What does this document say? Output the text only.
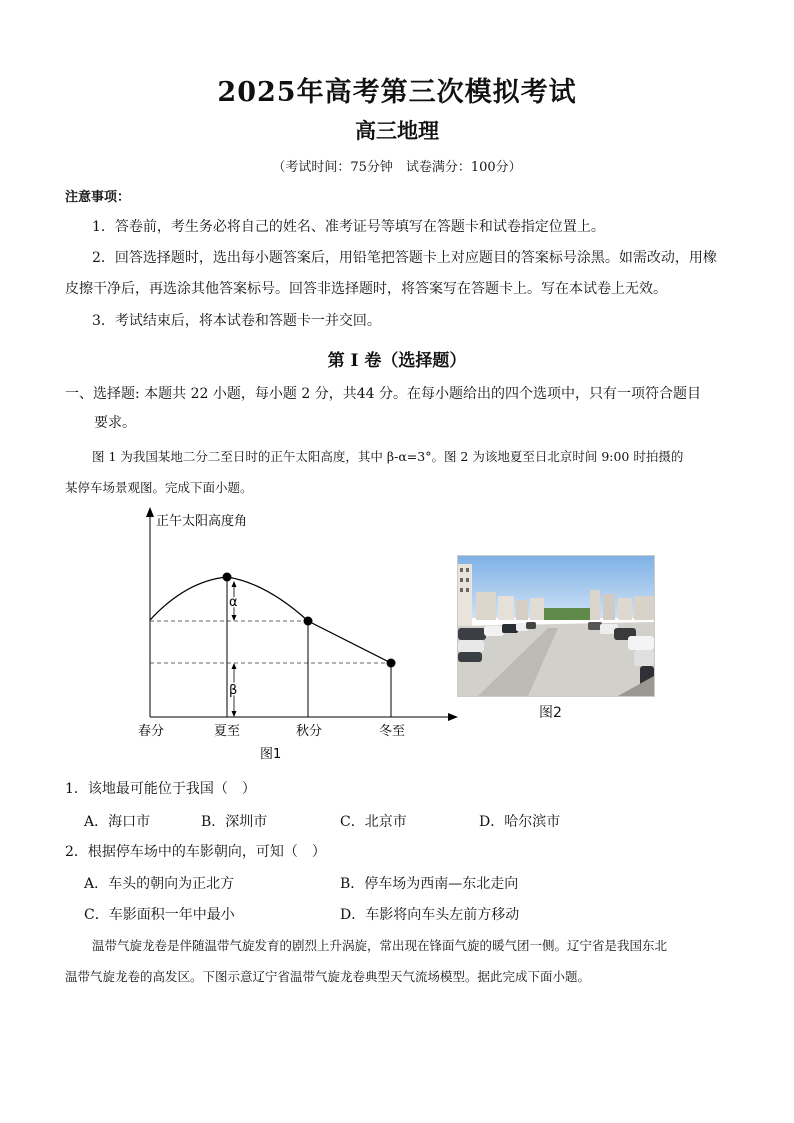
2025年高考第三次模拟考试
高三地理
（考试时间：75分钟　试卷满分：100分）
注意事项：
1．答卷前，考生务必将自己的姓名、准考证号等填写在答题卡和试卷指定位置上。
2．回答选择题时，选出每小题答案后，用铅笔把答题卡上对应题目的答案标号涂黑。如需改动，用橡
皮擦干净后，再选涂其他答案标号。回答非选择题时，将答案写在答题卡上。写在本试卷上无效。
3．考试结束后，将本试卷和答题卡一并交回。
第 I 卷（选择题）
一、选择题: 本题共 22 小题，每小题 2 分，共44 分。在每小题给出的四个选项中，只有一项符合题目
要求。
图 1 为我国某地二分二至日时的正午太阳高度，其中 β-α=3°。图 2 为该地夏至日北京时间 9:00 时拍摄的
某停车场景观图。完成下面小题。
正午太阳高度角
α
β
春分	夏至	秋分	冬至
图1
图2
1．该地最可能位于我国（　）
A．海口市	B．深圳市	C．北京市	D．哈尔滨市
2．根据停车场中的车影朝向，可知（　）
A．车头的朝向为正北方	B．停车场为西南—东北走向
C．车影面积一年中最小	D．车影将向车头左前方移动
温带气旋龙卷是伴随温带气旋发育的剧烈上升涡旋，常出现在锋面气旋的暖气团一侧。辽宁省是我国东北
温带气旋龙卷的高发区。下图示意辽宁省温带气旋龙卷典型天气流场模型。据此完成下面小题。
